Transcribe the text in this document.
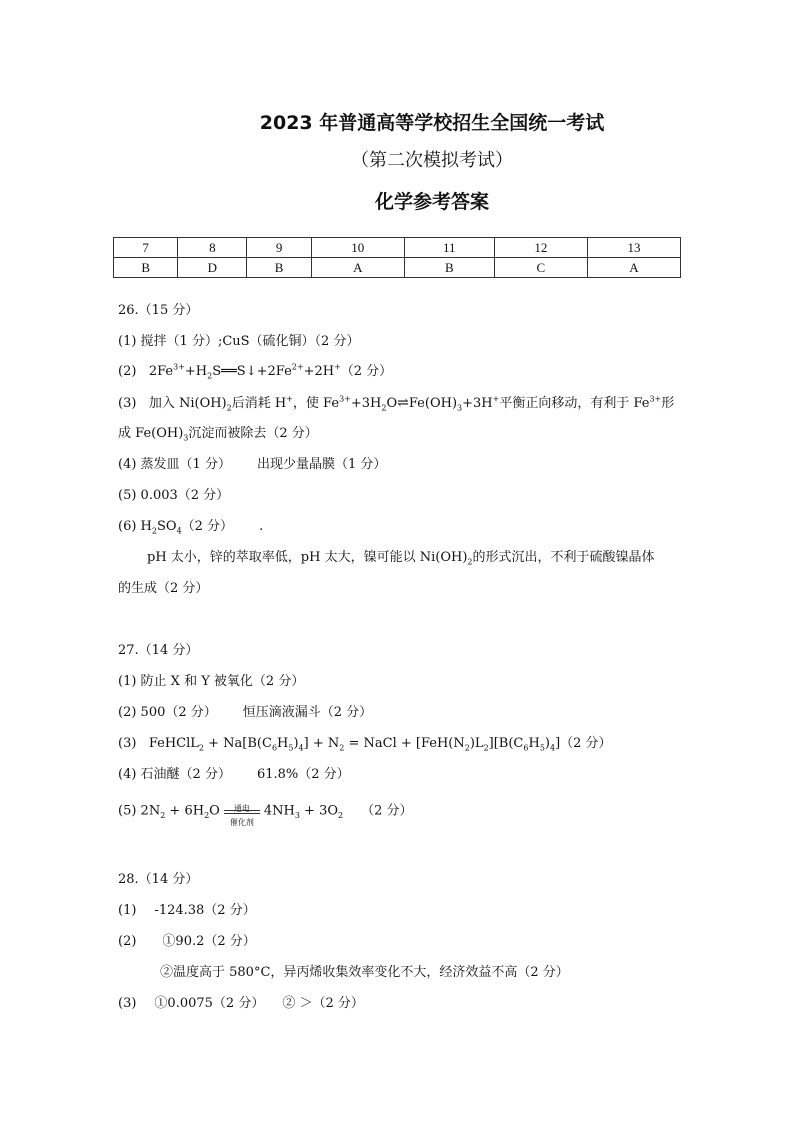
2023 年普通高等学校招生全国统一考试
（第二次模拟考试）
化学参考答案
7	8	9	10	11	12	13
B	D	B	A	B	C	A
26.（15 分）
(1) 搅拌（1 分）;CuS（硫化铜）（2 分）
(2) $2Fe^{3+}+H_2S══S↓+2Fe^{2+}+2H^+(2$ 分）
(3) 加入 $Ni(OH)_2$后消耗 H+，使 $Fe^{3+}+3H_2O\rightleftharpoons Fe(OH)_3+3H^+$平衡正向移动，有利于 $Fe^{3+}$形
成 $Fe(OH)_3$沉淀而被除去（2 分）
(4) 蒸发皿（1 分） 出现少量晶膜（1 分）
(5) 0.003（2 分）
(6) $H_2SO_4(2$ 分） .
pH 太小，锌的萃取率低，pH 太大，镍可能以 $Ni(OH)_2$的形式沉出，不利于硫酸镍晶体
的生成（2 分）
27.（14 分）
(1) 防止 X 和 Y 被氧化（2 分）
(2) 500（2 分） 恒压滴液漏斗（2 分）
(3) FeHClL$_2$ + $Na[B(C_6H_5)_4] + N_2$ = NaCl + $[FeH(N_2)L_2][B(C_6H_5)_4](2$ 分）
(4) 石油醚（2 分） 61.8%（2 分）
(5) $2N_2 + 6H_2O$	通电
催化剂
$4NH_3 + 3O_2$ （2 分）
28.（14 分）
(1) -124.38（2 分）
(2) ①90.2（2 分）
②温度高于 580°C，异丙烯收集效率变化不大，经济效益不高（2 分）
(3) ①0.0075（2 分） ② ＞（2 分）
